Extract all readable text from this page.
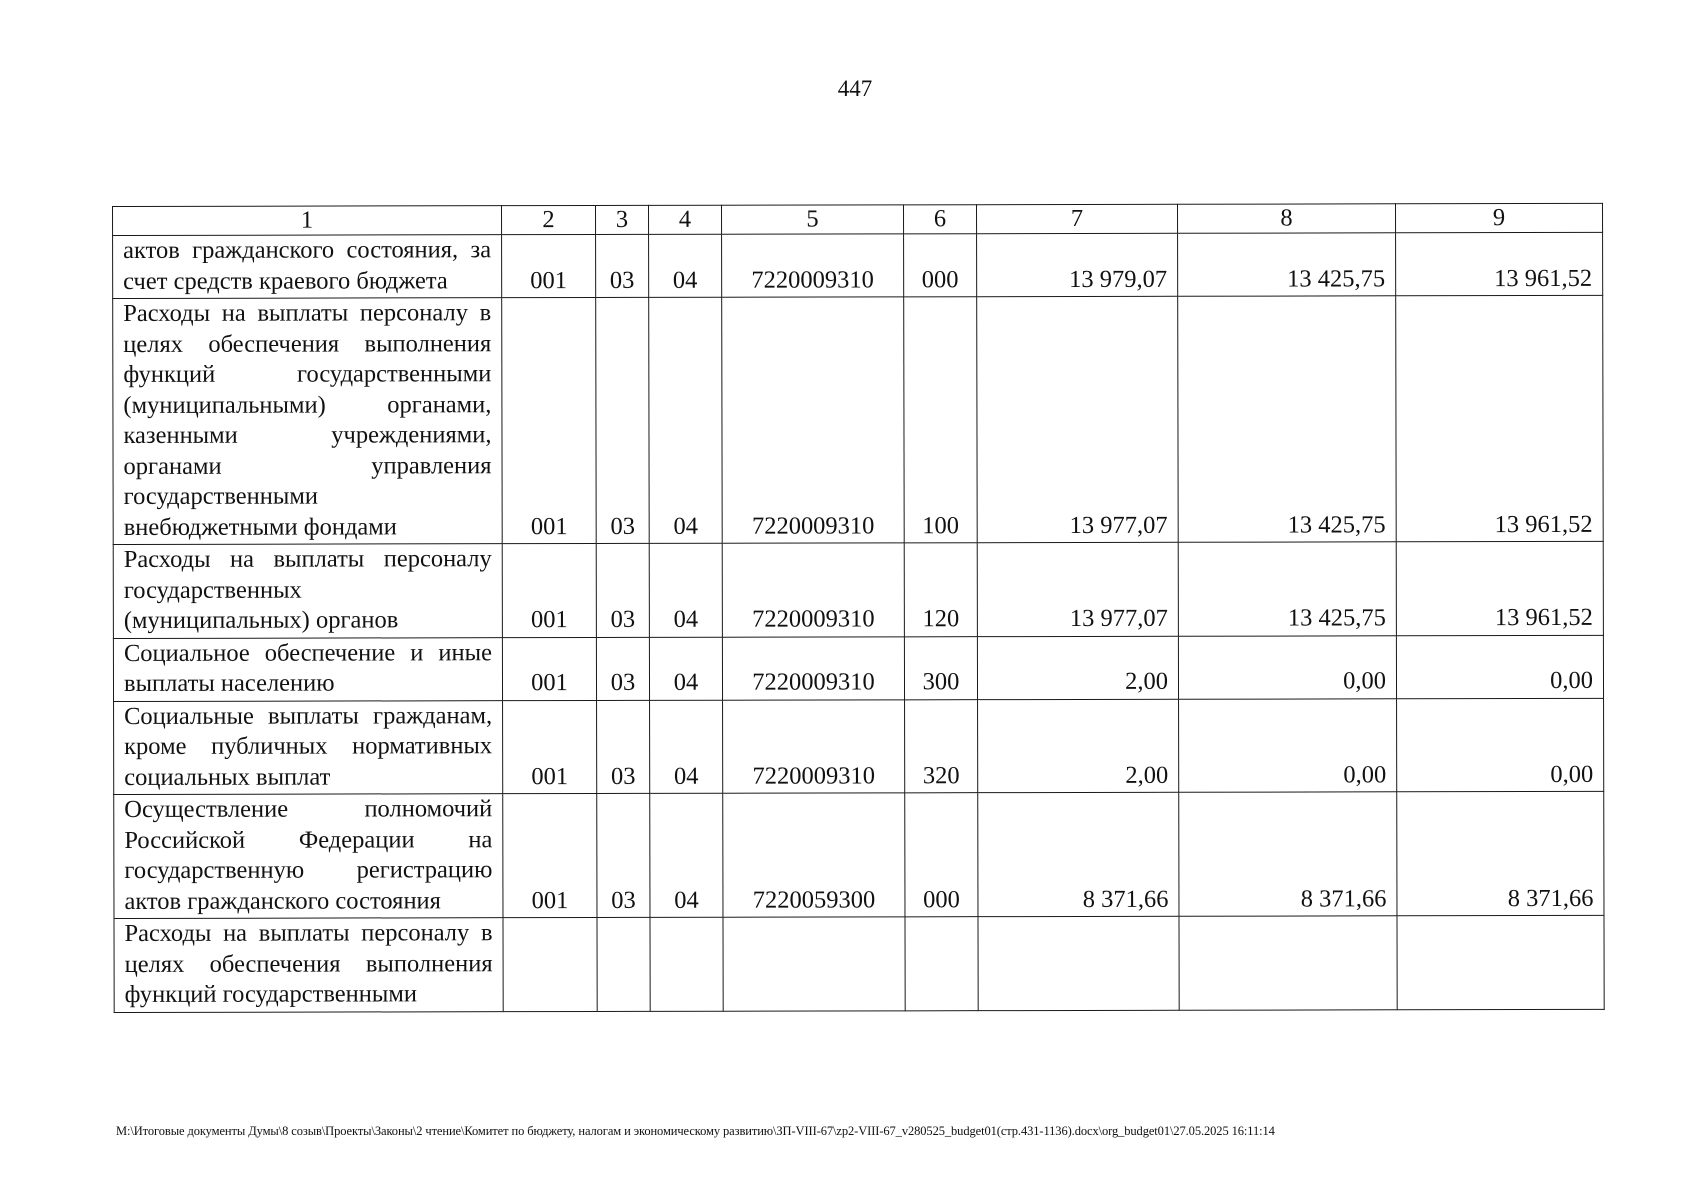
447
1	2	3	4	5	6	7	8	9
актов гражданского состояния, за счет средств краевого бюджета	001	03	04	7220009310	000	13 979,07	13 425,75	13 961,52
Расходы на выплаты персоналу в целях обеспечения выполнения функций государственными (муниципальными) органами, казенными учреждениями, органами управления государственными внебюджетными фондами	001	03	04	7220009310	100	13 977,07	13 425,75	13 961,52
Расходы на выплаты персоналу государственных (муниципальных) органов	001	03	04	7220009310	120	13 977,07	13 425,75	13 961,52
Социальное обеспечение и иные выплаты населению	001	03	04	7220009310	300	2,00	0,00	0,00
Социальные выплаты гражданам, кроме публичных нормативных социальных выплат	001	03	04	7220009310	320	2,00	0,00	0,00
Осуществление полномочий Российской Федерации на государственную регистрацию актов гражданского состояния	001	03	04	7220059300	000	8 371,66	8 371,66	8 371,66
Расходы на выплаты персоналу в целях обеспечения выполнения функций государственными								
М:\Итоговые документы Думы\8 созыв\Проекты\Законы\2 чтение\Комитет по бюджету, налогам и экономическому развитию\ЗП-VIII-67\zp2-VIII-67_v280525_budget01(стр.431-1136).docx\org_budget01\27.05.2025 16:11:14
